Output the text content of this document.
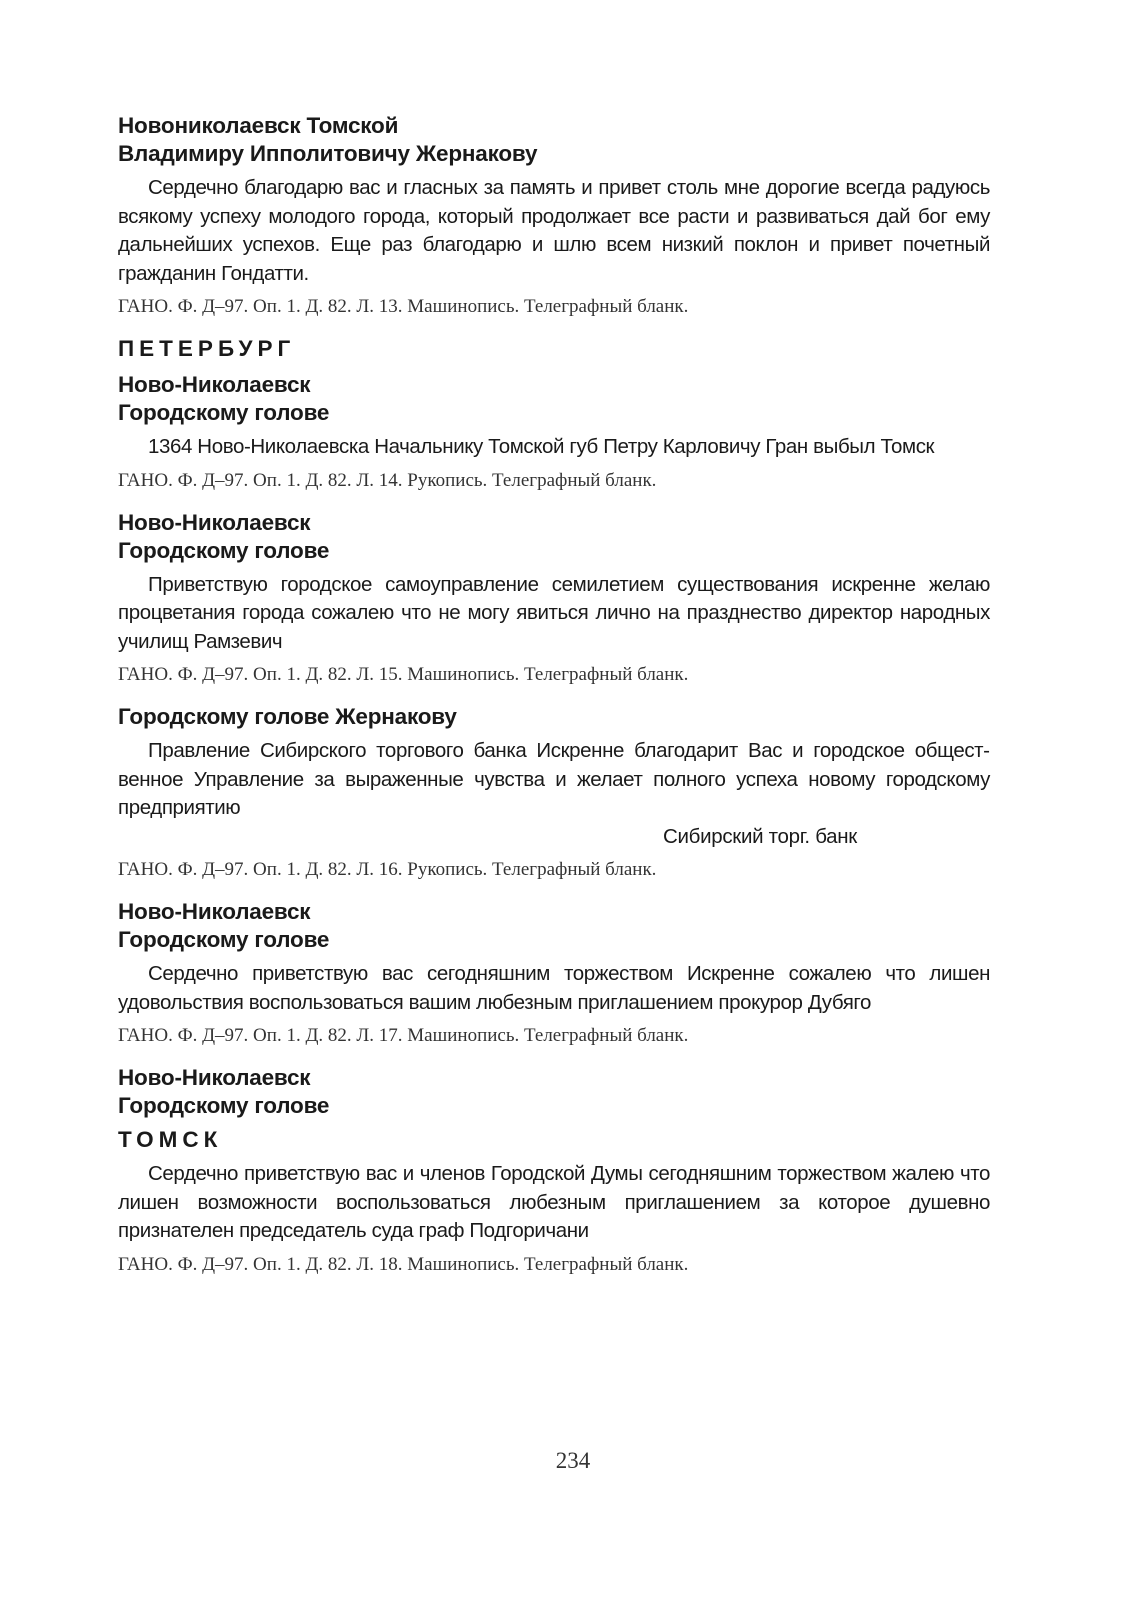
Новониколаевск Томской

Владимиру Ипполитовичу Жернакову

Сердечно благодарю вас и гласных за память и привет столь мне дорогие всегда радуюсь всякому успеху молодого города, который продолжает все расти и развиваться дай бог ему дальнейших успехов. Еще раз благодарю и шлю всем низкий поклон и привет почетный гражданин Гондатти.

ГАНО. Ф. Д–97. Оп. 1. Д. 82. Л. 13. Машинопись. Телеграфный бланк.

ПЕТЕРБУРГ

Ново-Николаевск

Городскому голове

1364 Ново-Николаевска Начальнику Томской губ Петру Карловичу Гран выбыл Томск

ГАНО. Ф. Д–97. Оп. 1. Д. 82. Л. 14. Рукопись. Телеграфный бланк.

Ново-Николаевск

Городскому голове

Приветствую городское самоуправление семилетием существования искренне желаю процветания города сожалею что не могу явиться лично на празднество директор народных училищ Рамзевич

ГАНО. Ф. Д–97. Оп. 1. Д. 82. Л. 15. Машинопись. Телеграфный бланк.

Городскому голове Жернакову

Правление Сибирского торгового банка Искренне благодарит Вас и городское общественное Управление за выраженные чувства и желает полного успеха новому городскому предприятию

Сибирский торг. банк

ГАНО. Ф. Д–97. Оп. 1. Д. 82. Л. 16. Рукопись. Телеграфный бланк.

Ново-Николаевск

Городскому голове

Сердечно приветствую вас сегодняшним торжеством Искренне сожалею что лишен удовольствия воспользоваться вашим любезным приглашением прокурор Дубяго

ГАНО. Ф. Д–97. Оп. 1. Д. 82. Л. 17. Машинопись. Телеграфный бланк.

Ново-Николаевск

Городскому голове

ТОМСК

Сердечно приветствую вас и членов Городской Думы сегодняшним торжеством жалею что лишен возможности воспользоваться любезным приглашением за которое душевно признателен председатель суда граф Подгоричани

ГАНО. Ф. Д–97. Оп. 1. Д. 82. Л. 18. Машинопись. Телеграфный бланк.

234
